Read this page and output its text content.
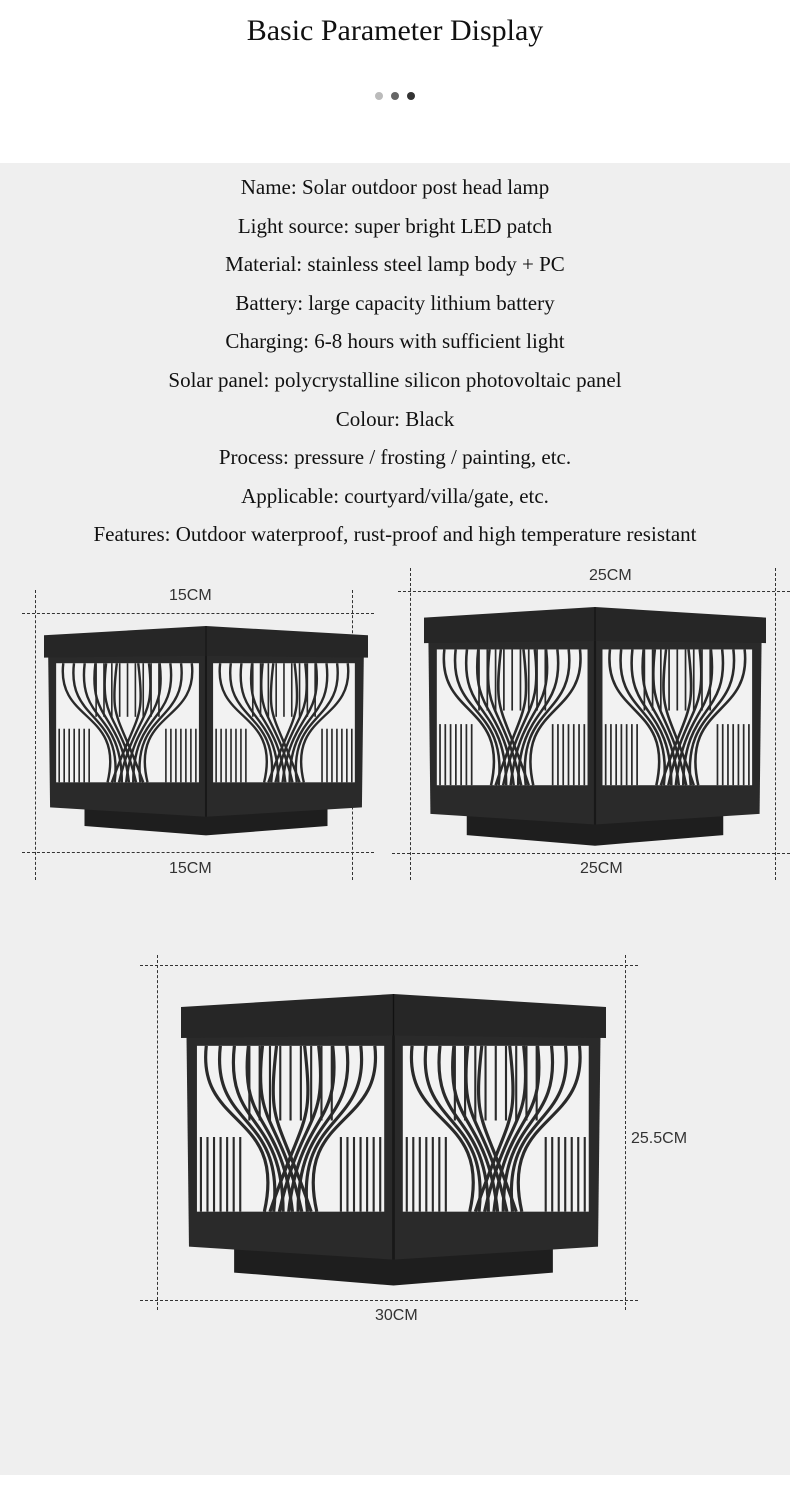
Basic Parameter Display
Name: Solar outdoor post head lamp
Light source: super bright LED patch
Material: stainless steel lamp body + PC
Battery: large capacity lithium battery
Charging: 6-8 hours with sufficient light
Solar panel: polycrystalline silicon photovoltaic panel
Colour: Black
Process: pressure / frosting / painting, etc.
Applicable: courtyard/villa/gate, etc.
Features: Outdoor waterproof, rust-proof and high temperature resistant
15CM
15CM
25CM
25CM
25.5CM
30CM
